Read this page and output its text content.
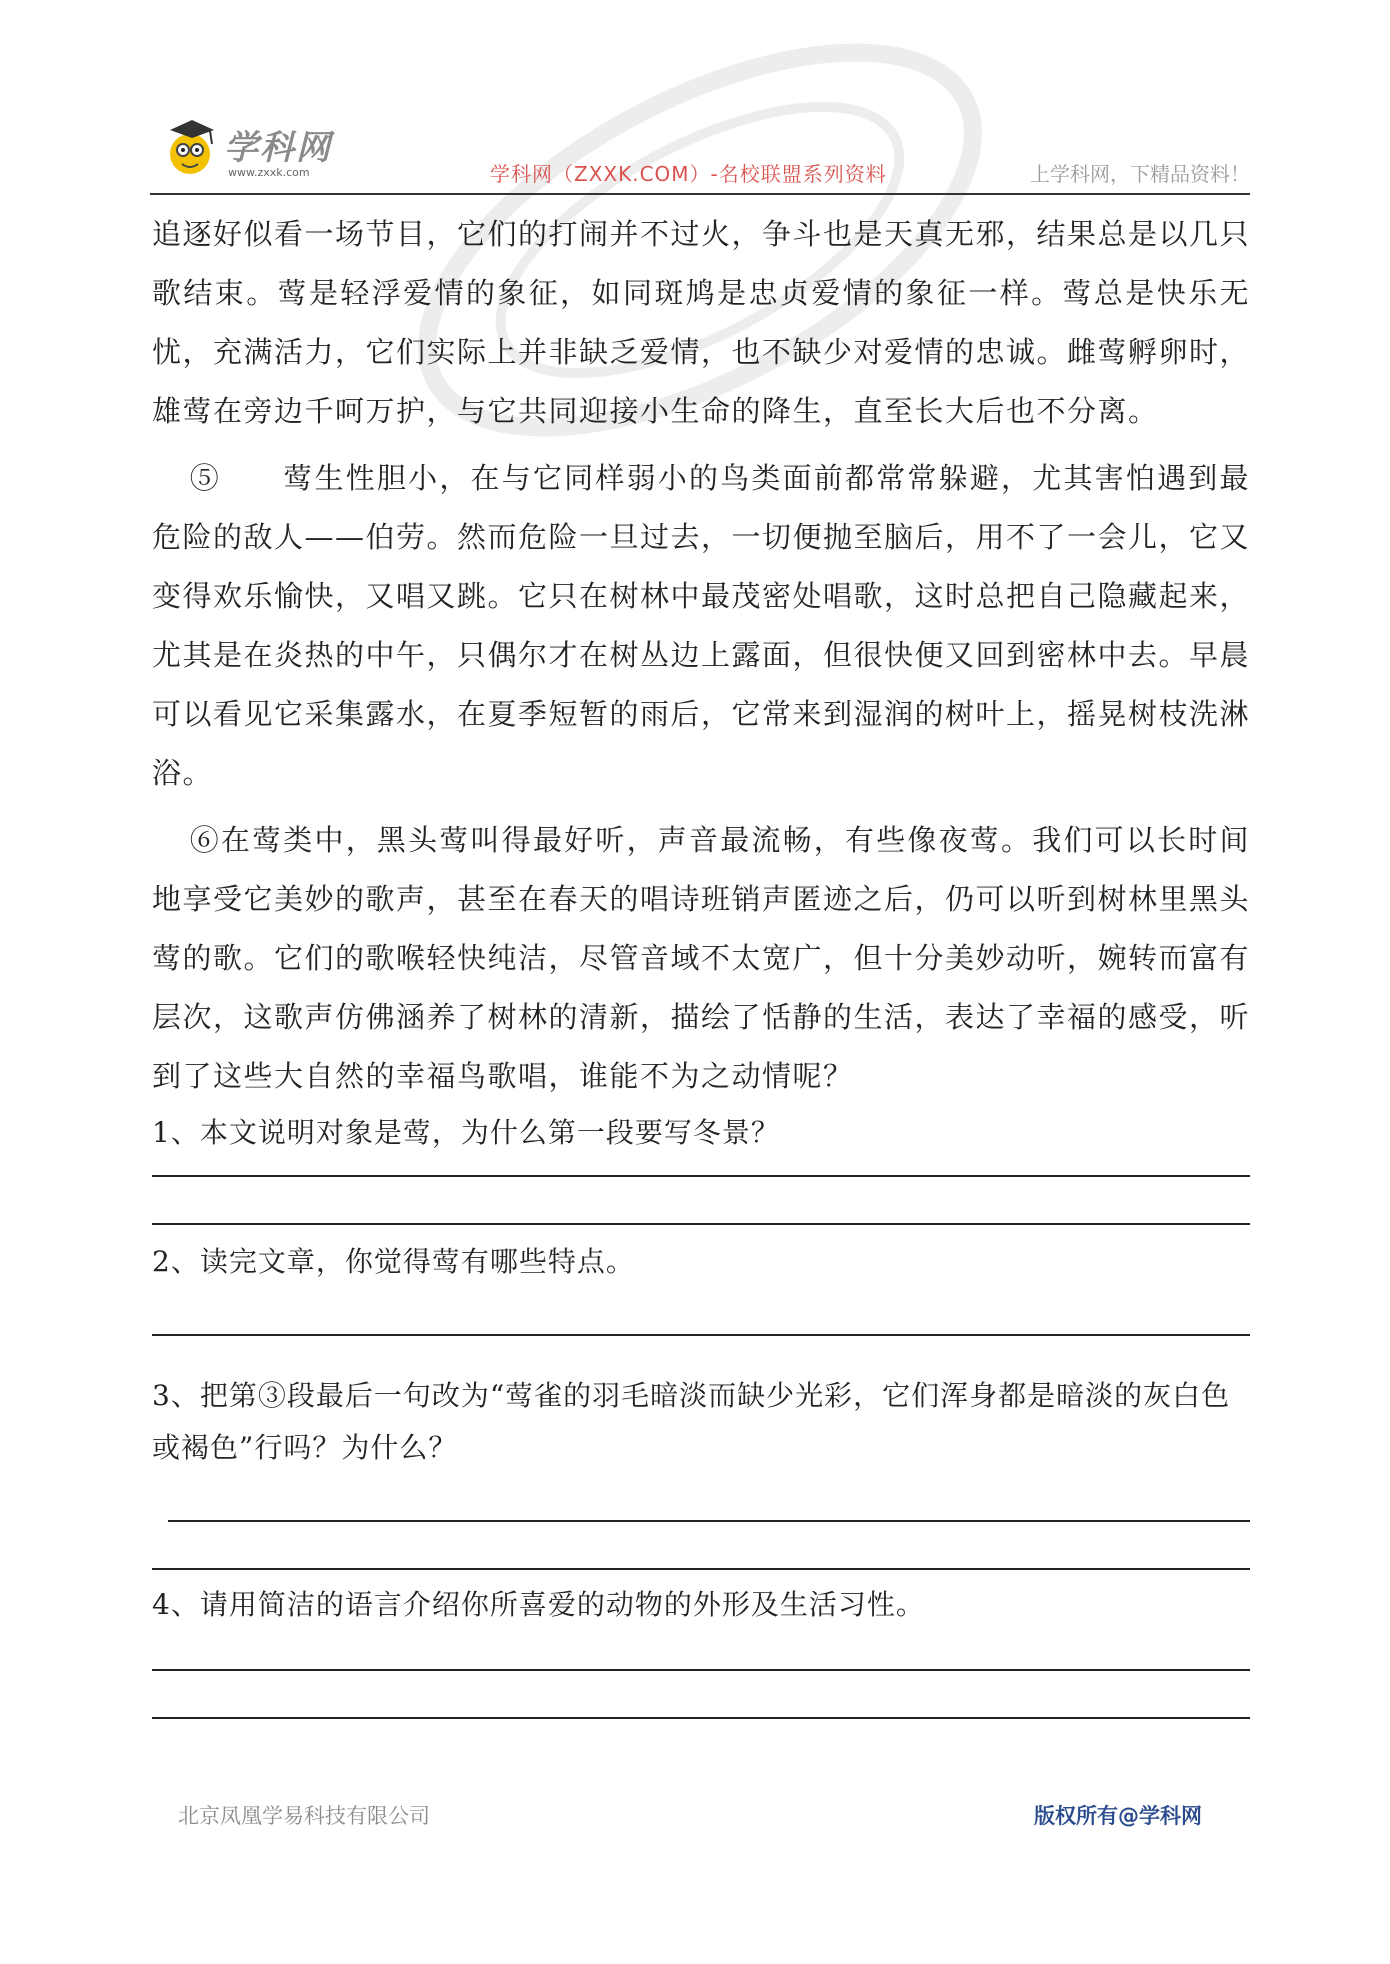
学科网
www.zxxk.com	学科网（ZXXK.COM）-名校联盟系列资料	上学科网，下精品资料！

追逐好似看一场节目，它们的打闹并不过火，争斗也是天真无邪，结果总是以几只歌结束。莺是轻浮爱情的象征，如同斑鸠是忠贞爱情的象征一样。莺总是快乐无忧，充满活力，它们实际上并非缺乏爱情，也不缺少对爱情的忠诚。雌莺孵卵时，雄莺在旁边千呵万护，与它共同迎接小生命的降生，直至长大后也不分离。

⑤　　莺生性胆小，在与它同样弱小的鸟类面前都常常躲避，尤其害怕遇到最危险的敌人——伯劳。然而危险一旦过去，一切便抛至脑后，用不了一会儿，它又变得欢乐愉快，又唱又跳。它只在树林中最茂密处唱歌，这时总把自己隐藏起来，尤其是在炎热的中午，只偶尔才在树丛边上露面，但很快便又回到密林中去。早晨可以看见它采集露水，在夏季短暂的雨后，它常来到湿润的树叶上，摇晃树枝洗淋浴。

⑥在莺类中，黑头莺叫得最好听，声音最流畅，有些像夜莺。我们可以长时间地享受它美妙的歌声，甚至在春天的唱诗班销声匿迹之后，仍可以听到树林里黑头莺的歌。它们的歌喉轻快纯洁，尽管音域不太宽广，但十分美妙动听，婉转而富有层次，这歌声仿佛涵养了树林的清新，描绘了恬静的生活，表达了幸福的感受，听到了这些大自然的幸福鸟歌唱，谁能不为之动情呢？

1、本文说明对象是莺，为什么第一段要写冬景？

2、读完文章，你觉得莺有哪些特点。

3、把第③段最后一句改为“莺雀的羽毛暗淡而缺少光彩，它们浑身都是暗淡的灰白色或褐色”行吗？为什么？

4、请用简洁的语言介绍你所喜爱的动物的外形及生活习性。

北京凤凰学易科技有限公司	版权所有@学科网
